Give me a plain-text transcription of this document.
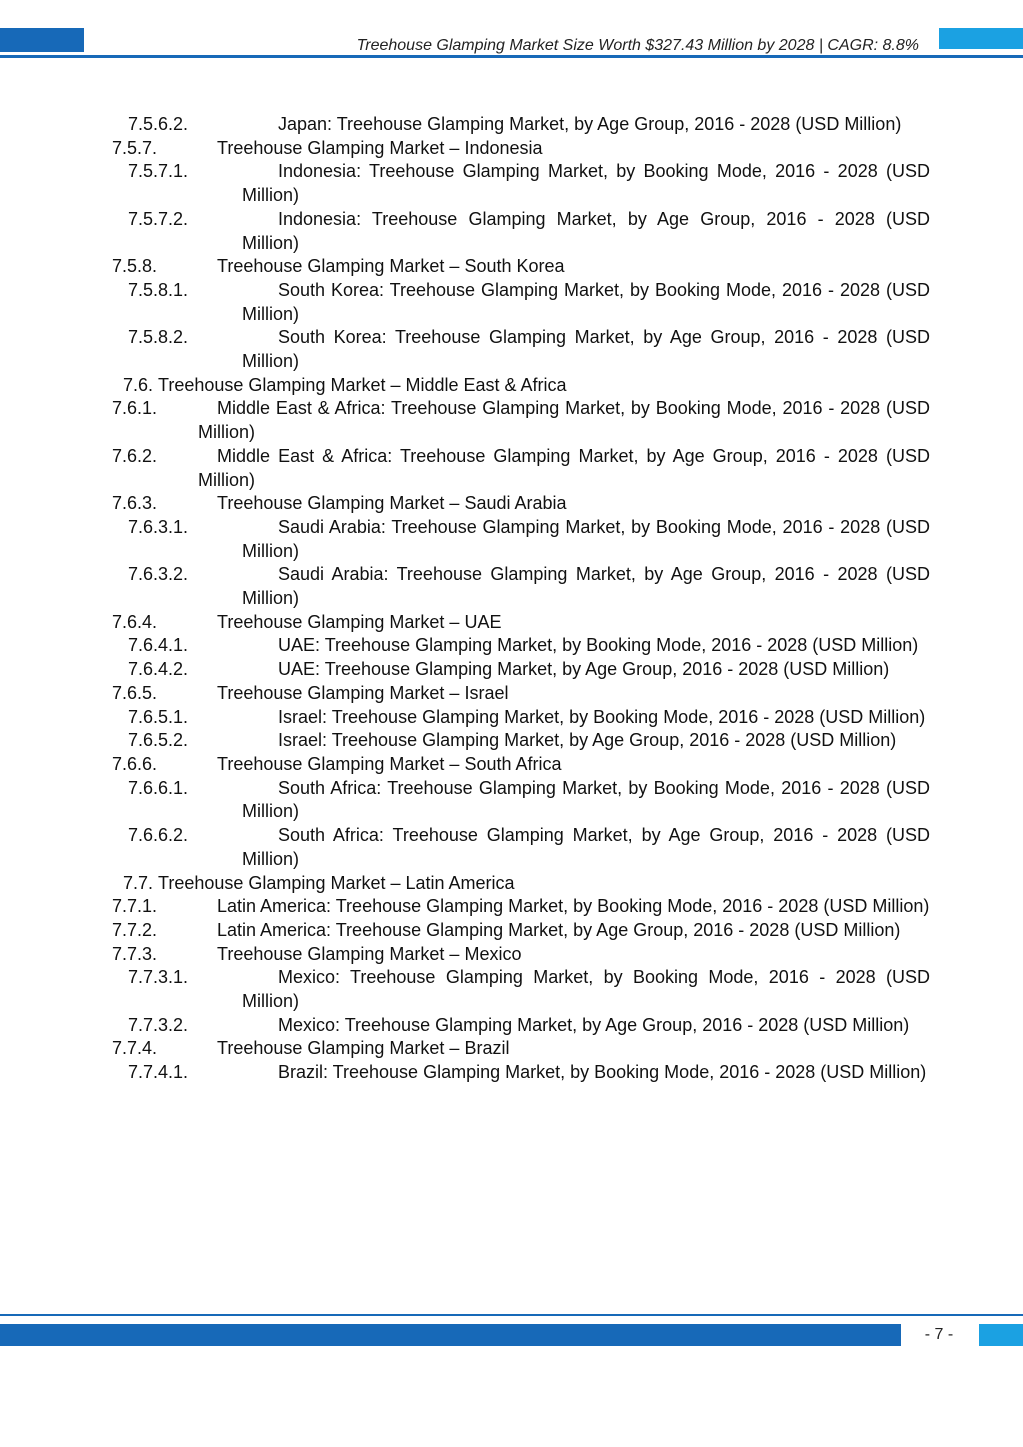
Treehouse Glamping Market Size Worth $327.43 Million by 2028 | CAGR: 8.8%
7.5.6.2.	Japan: Treehouse Glamping Market, by Age Group, 2016 - 2028 (USD Million)
7.5.7.	Treehouse Glamping Market – Indonesia
7.5.7.1.	Indonesia: Treehouse Glamping Market, by Booking Mode, 2016 - 2028 (USD Million)
7.5.7.2.	Indonesia: Treehouse Glamping Market, by Age Group, 2016 - 2028 (USD Million)
7.5.8.	Treehouse Glamping Market – South Korea
7.5.8.1.	South Korea: Treehouse Glamping Market, by Booking Mode, 2016 - 2028 (USD Million)
7.5.8.2.	South Korea: Treehouse Glamping Market, by Age Group, 2016 - 2028 (USD Million)
7.6. Treehouse Glamping Market – Middle East & Africa
7.6.1.	Middle East & Africa: Treehouse Glamping Market, by Booking Mode, 2016 - 2028 (USD Million)
7.6.2.	Middle East & Africa: Treehouse Glamping Market, by Age Group, 2016 - 2028 (USD Million)
7.6.3.	Treehouse Glamping Market – Saudi Arabia
7.6.3.1.	Saudi Arabia: Treehouse Glamping Market, by Booking Mode, 2016 - 2028 (USD Million)
7.6.3.2.	Saudi Arabia: Treehouse Glamping Market, by Age Group, 2016 - 2028 (USD Million)
7.6.4.	Treehouse Glamping Market – UAE
7.6.4.1.	UAE: Treehouse Glamping Market, by Booking Mode, 2016 - 2028 (USD Million)
7.6.4.2.	UAE: Treehouse Glamping Market, by Age Group, 2016 - 2028 (USD Million)
7.6.5.	Treehouse Glamping Market – Israel
7.6.5.1.	Israel: Treehouse Glamping Market, by Booking Mode, 2016 - 2028 (USD Million)
7.6.5.2.	Israel: Treehouse Glamping Market, by Age Group, 2016 - 2028 (USD Million)
7.6.6.	Treehouse Glamping Market – South Africa
7.6.6.1.	South Africa: Treehouse Glamping Market, by Booking Mode, 2016 - 2028 (USD Million)
7.6.6.2.	South Africa: Treehouse Glamping Market, by Age Group, 2016 - 2028 (USD Million)
7.7. Treehouse Glamping Market – Latin America
7.7.1.	Latin America: Treehouse Glamping Market, by Booking Mode, 2016 - 2028 (USD Million)
7.7.2.	Latin America: Treehouse Glamping Market, by Age Group, 2016 - 2028 (USD Million)
7.7.3.	Treehouse Glamping Market – Mexico
7.7.3.1.	Mexico: Treehouse Glamping Market, by Booking Mode, 2016 - 2028 (USD Million)
7.7.3.2.	Mexico: Treehouse Glamping Market, by Age Group, 2016 - 2028 (USD Million)
7.7.4.	Treehouse Glamping Market – Brazil
7.7.4.1.	Brazil: Treehouse Glamping Market, by Booking Mode, 2016 - 2028 (USD Million)
- 7 -
